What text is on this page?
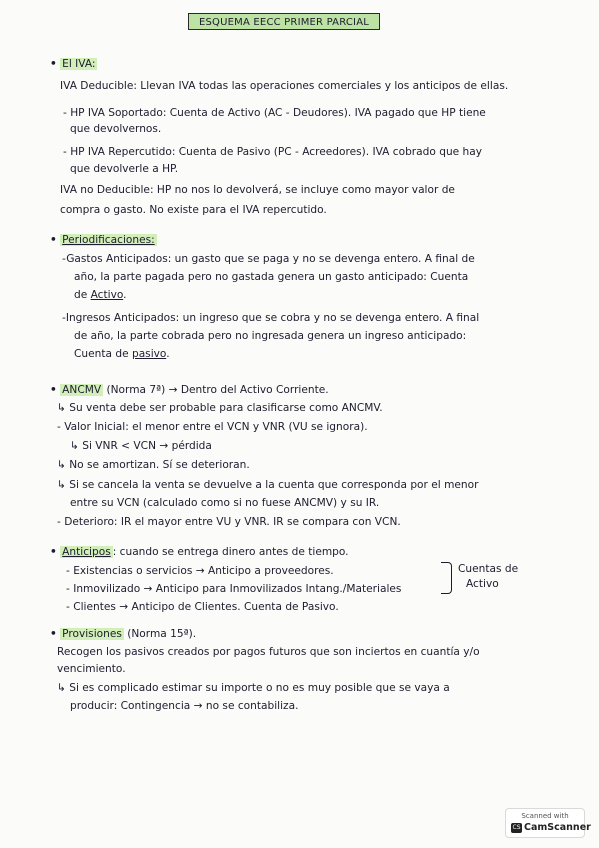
ESQUEMA EECC PRIMER PARCIAL
• El IVA:
IVA Deducible: Llevan IVA todas las operaciones comerciales y los anticipos de ellas.
- HP IVA Soportado: Cuenta de Activo (AC - Deudores). IVA pagado que HP tiene
que devolvernos.
- HP IVA Repercutido: Cuenta de Pasivo (PC - Acreedores). IVA cobrado que hay
que devolverle a HP.
IVA no Deducible: HP no nos lo devolverá, se incluye como mayor valor de
compra o gasto. No existe para el IVA repercutido.
• Periodificaciones:
-Gastos Anticipados: un gasto que se paga y no se devenga entero. A final de
año, la parte pagada pero no gastada genera un gasto anticipado: Cuenta
de Activo.
-Ingresos Anticipados: un ingreso que se cobra y no se devenga entero. A final
de año, la parte cobrada pero no ingresada genera un ingreso anticipado:
Cuenta de pasivo.
• ANCMV (Norma 7ª) → Dentro del Activo Corriente.
↳ Su venta debe ser probable para clasificarse como ANCMV.
- Valor Inicial: el menor entre el VCN y VNR (VU se ignora).
↳ Si VNR < VCN → pérdida
↳ No se amortizan. Sí se deterioran.
↳ Si se cancela la venta se devuelve a la cuenta que corresponda por el menor
entre su VCN (calculado como si no fuese ANCMV) y su IR.
- Deterioro: IR el mayor entre VU y VNR. IR se compara con VCN.
• Anticipos : cuando se entrega dinero antes de tiempo.
- Existencias o servicios → Anticipo a proveedores.
- Inmovilizado → Anticipo para Inmovilizados Intang./Materiales
- Clientes → Anticipo de Clientes. Cuenta de Pasivo.
Cuentas de
Activo
• Provisiones (Norma 15ª).
Recogen los pasivos creados por pagos futuros que son inciertos en cuantía y/o
vencimiento.
↳ Si es complicado estimar su importe o no es muy posible que se vaya a
producir: Contingencia → no se contabiliza.
Scanned with
CS CamScanner
